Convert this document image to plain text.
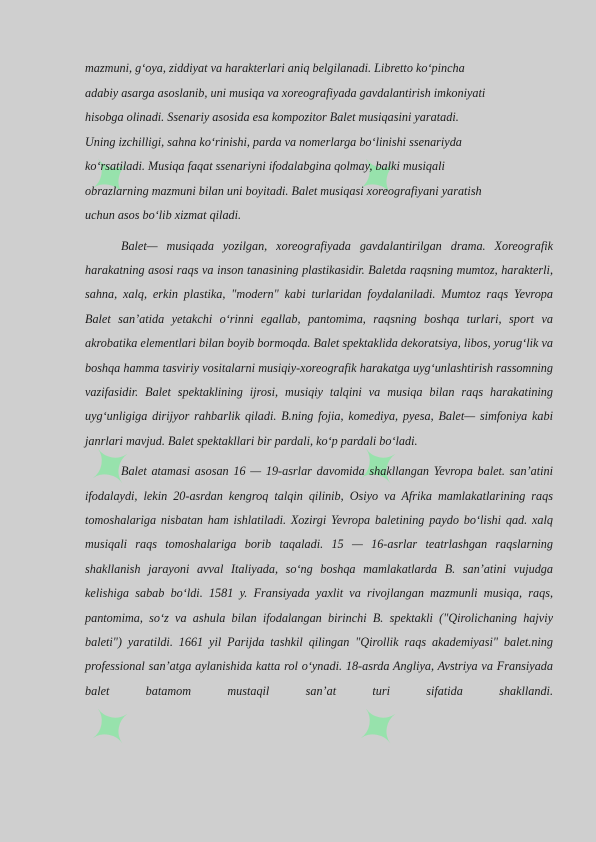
✦	✦
✦	✦
✦	✦
mazmuni, g‘oya, ziddiyat va harakterlari aniq belgilanadi. Libretto ko‘pincha
adabiy asarga asoslanib, uni musiqa va xoreografiyada gavdalantirish imkoniyati
hisobga olinadi. Ssenariy asosida esa kompozitor Balet musiqasini yaratadi.
Uning izchilligi, sahna ko‘rinishi, parda va nomerlarga bo‘linishi ssenariyda
ko‘rsatiladi. Musiqa faqat ssenariyni ifodalabgina qolmay, balki musiqali
obrazlarning mazmuni bilan uni boyitadi. Balet musiqasi xoreografiyani yaratish
uchun asos bo‘lib xizmat qiladi.

Balet— musiqada yozilgan, xoreografiyada gavdalantirilgan drama. Xoreografik harakatning asosi raqs va inson tanasining plastikasidir. Baletda raqsning mumtoz, harakterli, sahna, xalq, erkin plastika, "modern" kabi turlaridan foydalaniladi. Mumtoz raqs Yevropa Balet san’atida yetakchi o‘rinni egallab, pantomima, raqsning boshqa turlari, sport va akrobatika elementlari bilan boyib bormoqda. Balet spektaklida dekoratsiya, libos, yorug‘lik va boshqa hamma tasviriy vositalarni musiqiy-xoreografik harakatga uyg‘unlashtirish rassomning vazifasidir. Balet spektaklining ijrosi, musiqiy talqini va musiqa bilan raqs harakatining uyg‘unligiga dirijyor rahbarlik qiladi. B.ning fojia, komediya, pyesa, Balet— simfoniya kabi janrlari mavjud. Balet spektakllari bir pardali, ko‘p pardali bo‘ladi.

Balet atamasi asosan 16 — 19-asrlar davomida shakllangan Yevropa balet. san’atini ifodalaydi, lekin 20-asrdan kengroq talqin qilinib, Osiyo va Afrika mamlakatlarining raqs tomoshalariga nisbatan ham ishlatiladi. Xozirgi Yevropa baletining paydo bo‘lishi qad. xalq musiqali raqs tomoshalariga borib taqaladi. 15 — 16-asrlar teatrlashgan raqslarning shakllanish jarayoni avval Italiyada, so‘ng boshqa mamlakatlarda B. san’atini vujudga kelishiga sabab bo‘ldi. 1581 y. Fransiyada yaxlit va rivojlangan mazmunli musiqa, raqs, pantomima, so‘z va ashula bilan ifodalangan birinchi B. spektakli ("Qirolichaning hajviy baleti") yaratildi. 1661 yil Parijda tashkil qilingan "Qirollik raqs akademiyasi" balet.ning professional san’atga aylanishida katta rol o‘ynadi. 18-asrda Angliya, Avstriya va Fransiyada balet batamom mustaqil san’at turi sifatida shakllandi.
